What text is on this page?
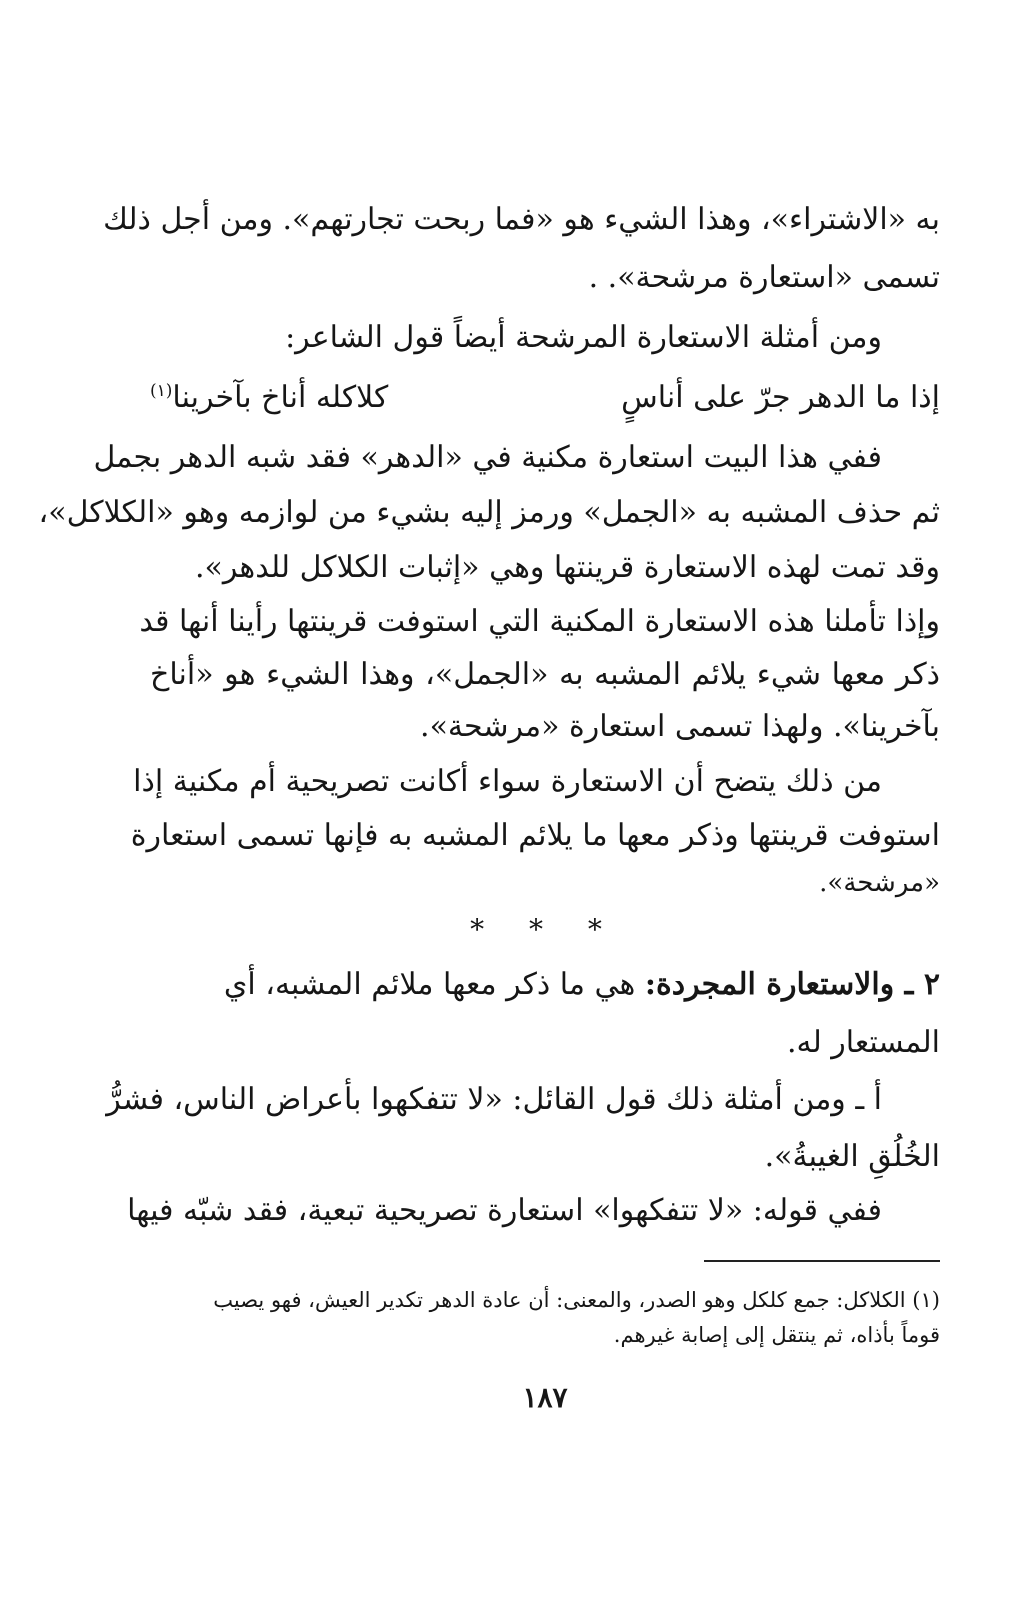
به «الاشتراء»، وهذا الشيء هو «فما ربحت تجارتهم». ومن أجل ذلك
تسمى «استعارة مرشحة». .
ومن أمثلة الاستعارة المرشحة أيضاً قول الشاعر:
إذا ما الدهر جرّ على أناسٍ
كلاكله أناخ بآخرينا$^{(١)}$
ففي هذا البيت استعارة مكنية في «الدهر» فقد شبه الدهر بجمل
ثم حذف المشبه به «الجمل» ورمز إليه بشيء من لوازمه وهو «الكلاكل»،
وقد تمت لهذه الاستعارة قرينتها وهي «إثبات الكلاكل للدهر».
وإذا تأملنا هذه الاستعارة المكنية التي استوفت قرينتها رأينا أنها قد
ذكر معها شيء يلائم المشبه به «الجمل»، وهذا الشيء هو «أناخ
بآخرينا». ولهذا تسمى استعارة «مرشحة».
من ذلك يتضح أن الاستعارة سواء أكانت تصريحية أم مكنية إذا
استوفت قرينتها وذكر معها ما يلائم المشبه به فإنها تسمى استعارة
«مرشحة».
* * *
٢ ـ والاستعارة المجردة: هي ما ذكر معها ملائم المشبه، أي
المستعار له.
أ ـ ومن أمثلة ذلك قول القائل: «لا تتفكهوا بأعراض الناس، فشرُّ
الخُلُقِ الغيبةُ».
ففي قوله: «لا تتفكهوا» استعارة تصريحية تبعية، فقد شبّه فيها
(١) الكلاكل: جمع كلكل وهو الصدر، والمعنى: أن عادة الدهر تكدير العيش، فهو يصيب
قوماً بأذاه، ثم ينتقل إلى إصابة غيرهم.
١٨٧
